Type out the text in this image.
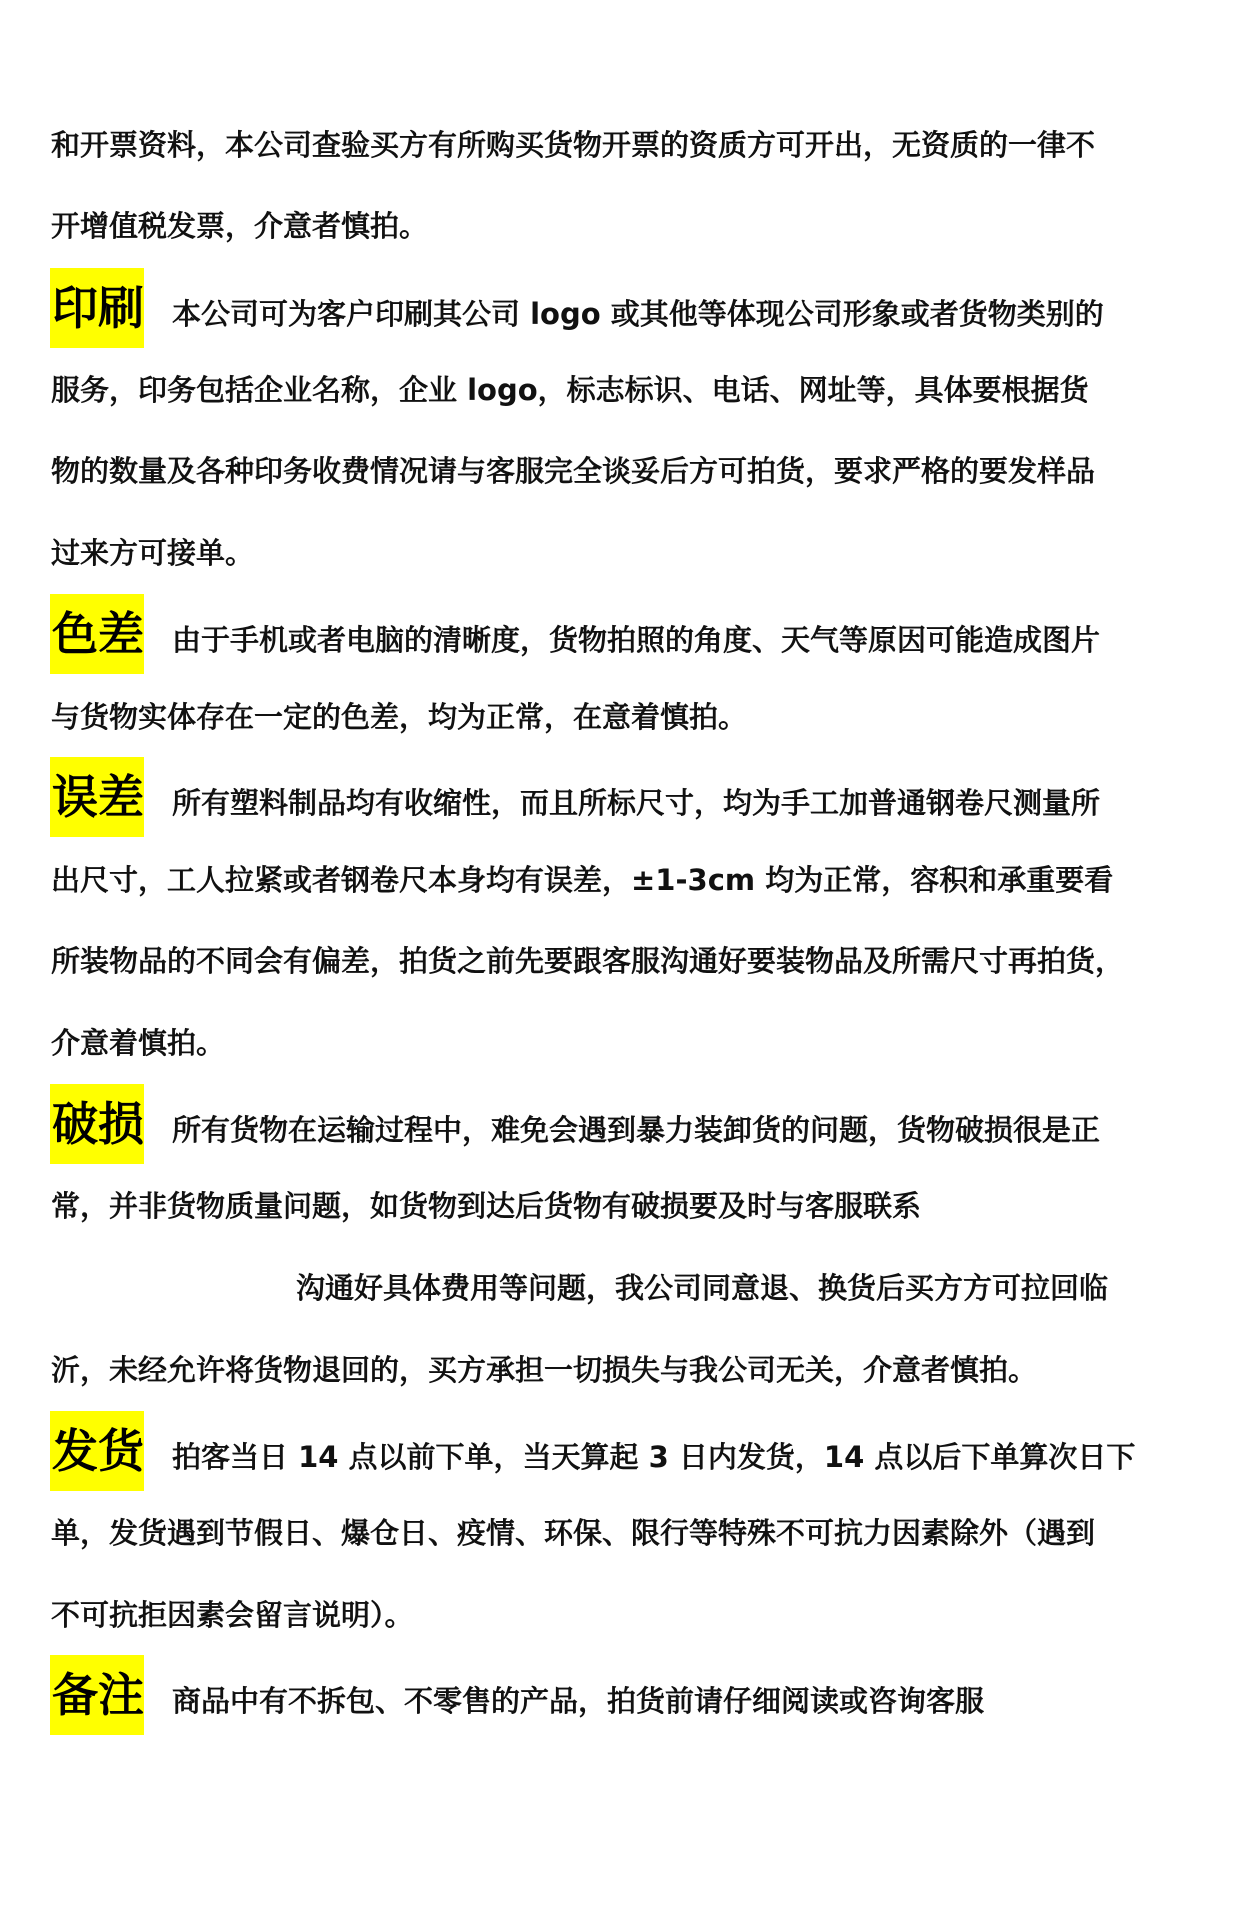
和开票资料，本公司查验买方有所购买货物开票的资质方可开出，无资质的一律不
开增值税发票，介意者慎拍。
印刷 本公司可为客户印刷其公司 logo 或其他等体现公司形象或者货物类别的
服务，印务包括企业名称，企业 logo，标志标识、电话、网址等，具体要根据货
物的数量及各种印务收费情况请与客服完全谈妥后方可拍货，要求严格的要发样品
过来方可接单。
色差 由于手机或者电脑的清晰度，货物拍照的角度、天气等原因可能造成图片
与货物实体存在一定的色差，均为正常，在意着慎拍。
误差 所有塑料制品均有收缩性，而且所标尺寸，均为手工加普通钢卷尺测量所
出尺寸，工人拉紧或者钢卷尺本身均有误差，±1-3cm 均为正常，容积和承重要看
所装物品的不同会有偏差，拍货之前先要跟客服沟通好要装物品及所需尺寸再拍货，
介意着慎拍。
破损 所有货物在运输过程中，难免会遇到暴力装卸货的问题，货物破损很是正
常，并非货物质量问题，如货物到达后货物有破损要及时与客服联系
沟通好具体费用等问题，我公司同意退、换货后买方方可拉回临
沂，未经允许将货物退回的，买方承担一切损失与我公司无关，介意者慎拍。
发货 拍客当日 14 点以前下单，当天算起 3 日内发货，14 点以后下单算次日下
单，发货遇到节假日、爆仓日、疫情、环保、限行等特殊不可抗力因素除外（遇到
不可抗拒因素会留言说明）。
备注 商品中有不拆包、不零售的产品，拍货前请仔细阅读或咨询客服
